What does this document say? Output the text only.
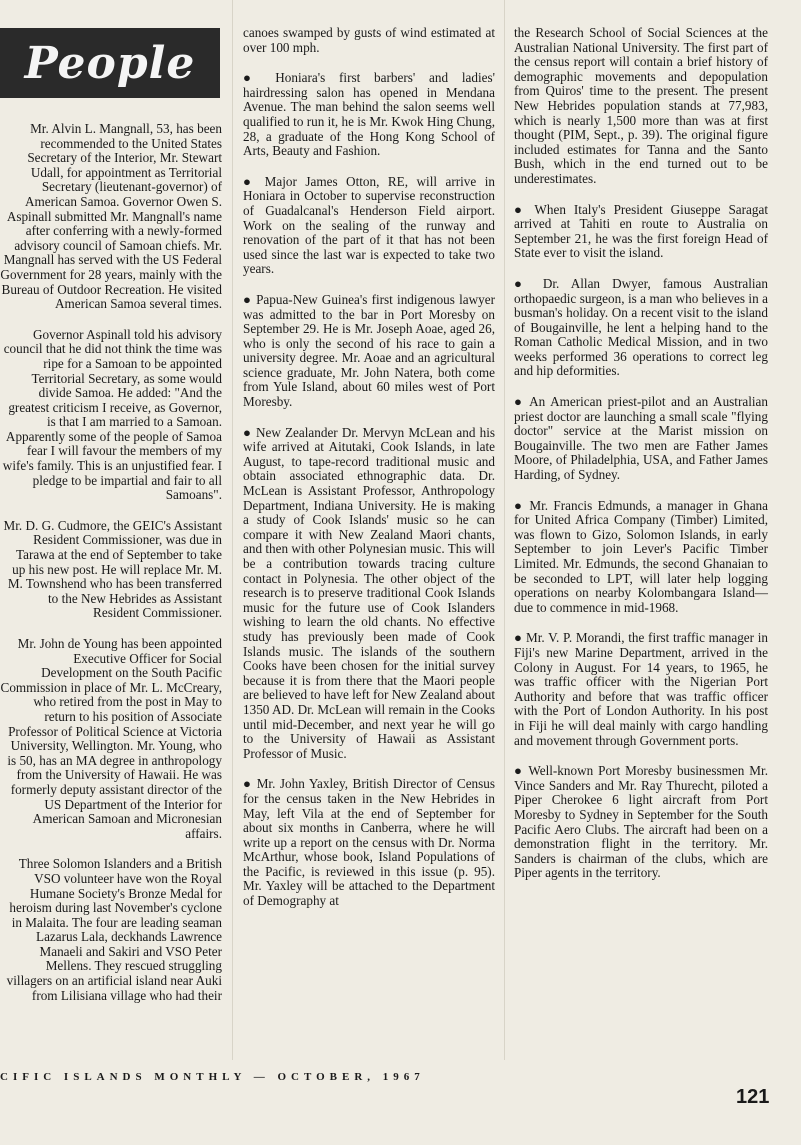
People

Mr. Alvin L. Mangnall, 53, has been recommended to the United States Secretary of the Interior, Mr. Stewart Udall, for appointment as Territorial Secretary (lieutenant-governor) of American Samoa. Governor Owen S. Aspinall submitted Mr. Mangnall's name after conferring with a newly-formed advisory council of Samoan chiefs. Mr. Mangnall has served with the US Federal Government for 28 years, mainly with the Bureau of Outdoor Recreation. He visited American Samoa several times.

Governor Aspinall told his advisory council that he did not think the time was ripe for a Samoan to be appointed Territorial Secretary, as some would divide Samoa. He added: "And the greatest criticism I receive, as Governor, is that I am married to a Samoan. Apparently some of the people of Samoa fear I will favour the members of my wife's family. This is an unjustified fear. I pledge to be impartial and fair to all Samoans".

Mr. D. G. Cudmore, the GEIC's Assistant Resident Commissioner, was due in Tarawa at the end of September to take up his new post. He will replace Mr. M. M. Townshend who has been transferred to the New Hebrides as Assistant Resident Commissioner.

Mr. John de Young has been appointed Executive Officer for Social Development on the South Pacific Commission in place of Mr. L. McCreary, who retired from the post in May to return to his position of Associate Professor of Political Science at Victoria University, Wellington. Mr. Young, who is 50, has an MA degree in anthropology from the University of Hawaii. He was formerly deputy assistant director of the US Department of the Interior for American Samoan and Micronesian affairs.

Three Solomon Islanders and a British VSO volunteer have won the Royal Humane Society's Bronze Medal for heroism during last November's cyclone in Malaita. The four are leading seaman Lazarus Lala, deckhands Lawrence Manaeli and Sakiri and VSO Peter Mellens. They rescued struggling villagers on an artificial island near Auki from Lilisiana village who had their

canoes swamped by gusts of wind estimated at over 100 mph.

● Honiara's first barbers' and ladies' hairdressing salon has opened in Mendana Avenue. The man behind the salon seems well qualified to run it, he is Mr. Kwok Hing Chung, 28, a graduate of the Hong Kong School of Arts, Beauty and Fashion.

● Major James Otton, RE, will arrive in Honiara in October to supervise reconstruction of Guadalcanal's Henderson Field airport. Work on the sealing of the runway and renovation of the part of it that has not been used since the last war is expected to take two years.

● Papua-New Guinea's first indigenous lawyer was admitted to the bar in Port Moresby on September 29. He is Mr. Joseph Aoae, aged 26, who is only the second of his race to gain a university degree. Mr. Aoae and an agricultural science graduate, Mr. John Natera, both come from Yule Island, about 60 miles west of Port Moresby.

● New Zealander Dr. Mervyn McLean and his wife arrived at Aitutaki, Cook Islands, in late August, to tape-record traditional music and obtain associated ethnographic data. Dr. McLean is Assistant Professor, Anthropology Department, Indiana University. He is making a study of Cook Islands' music so he can compare it with New Zealand Maori chants, and then with other Polynesian music. This will be a contribution towards tracing culture contact in Polynesia. The other object of the research is to preserve traditional Cook Islands music for the future use of Cook Islanders wishing to learn the old chants. No effective study has previously been made of Cook Islands music. The islands of the southern Cooks have been chosen for the initial survey because it is from there that the Maori people are believed to have left for New Zealand about 1350 AD. Dr. McLean will remain in the Cooks until mid-December, and next year he will go to the University of Hawaii as Assistant Professor of Music.

● Mr. John Yaxley, British Director of Census for the census taken in the New Hebrides in May, left Vila at the end of September for about six months in Canberra, where he will write up a report on the census with Dr. Norma McArthur, whose book, Island Populations of the Pacific, is reviewed in this issue (p. 95). Mr. Yaxley will be attached to the Department of Demography at

the Research School of Social Sciences at the Australian National University. The first part of the census report will contain a brief history of demographic movements and depopulation from Quiros' time to the present. The present New Hebrides population stands at 77,983, which is nearly 1,500 more than was at first thought (PIM, Sept., p. 39). The original figure included estimates for Tanna and the Santo Bush, which in the end turned out to be underestimates.

● When Italy's President Giuseppe Saragat arrived at Tahiti en route to Australia on September 21, he was the first foreign Head of State ever to visit the island.

● Dr. Allan Dwyer, famous Australian orthopaedic surgeon, is a man who believes in a busman's holiday. On a recent visit to the island of Bougainville, he lent a helping hand to the Roman Catholic Medical Mission, and in two weeks performed 36 operations to correct leg and hip deformities.

● An American priest-pilot and an Australian priest doctor are launching a small scale "flying doctor" service at the Marist mission on Bougainville. The two men are Father James Moore, of Philadelphia, USA, and Father James Harding, of Sydney.

● Mr. Francis Edmunds, a manager in Ghana for United Africa Company (Timber) Limited, was flown to Gizo, Solomon Islands, in early September to join Lever's Pacific Timber Limited. Mr. Edmunds, the second Ghanaian to be seconded to LPT, will later help logging operations on nearby Kolombangara Island—due to commence in mid-1968.

● Mr. V. P. Morandi, the first traffic manager in Fiji's new Marine Department, arrived in the Colony in August. For 14 years, to 1965, he was traffic officer with the Nigerian Port Authority and before that was traffic officer with the Port of London Authority. In his post in Fiji he will deal mainly with cargo handling and movement through Government ports.

● Well-known Port Moresby businessmen Mr. Vince Sanders and Mr. Ray Thurecht, piloted a Piper Cherokee 6 light aircraft from Port Moresby to Sydney in September for the South Pacific Aero Clubs. The aircraft had been on a demonstration flight in the territory. Mr. Sanders is chairman of the clubs, which are Piper agents in the territory.

CIFIC ISLANDS MONTHLY — OCTOBER, 1967
121
